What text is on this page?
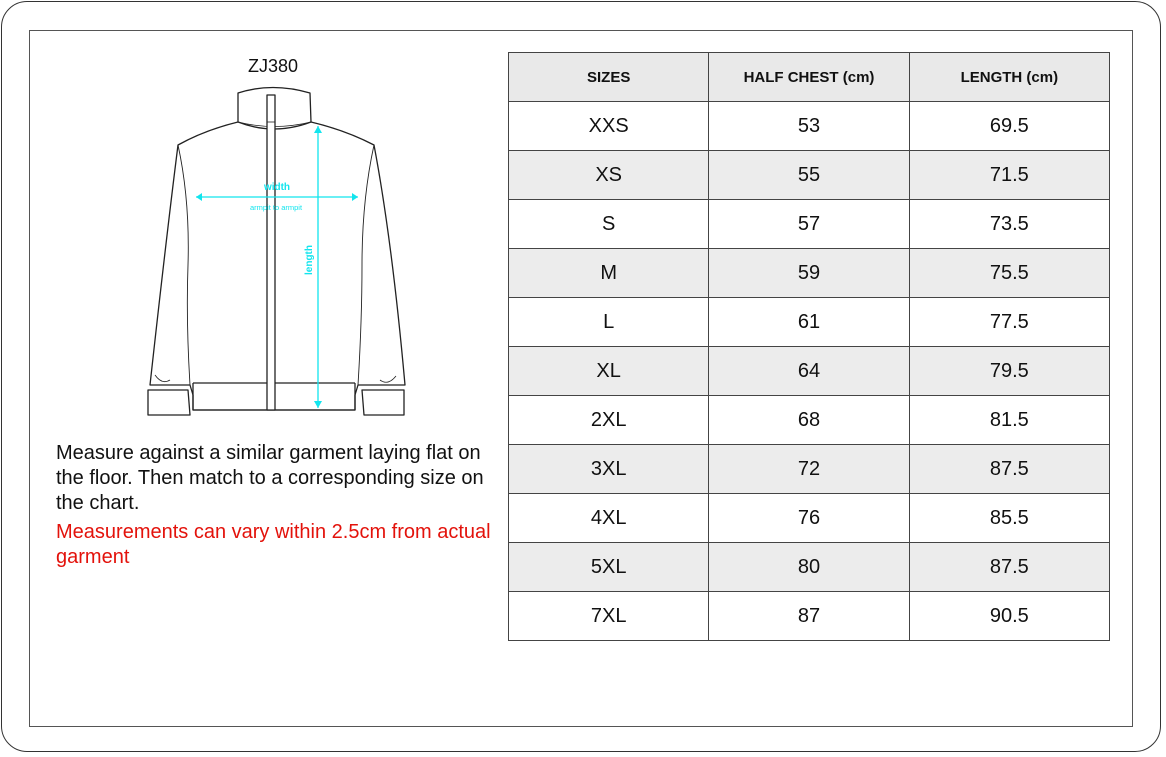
ZJ380
width
armpit to armpit
length
Measure against a similar garment laying flat on the floor. Then match to a corresponding size on the chart.
Measurements can vary within 2.5cm from actual garment
SIZES	HALF CHEST (cm)	LENGTH (cm)
XXS	53	69.5
XS	55	71.5
S	57	73.5
M	59	75.5
L	61	77.5
XL	64	79.5
2XL	68	81.5
3XL	72	87.5
4XL	76	85.5
5XL	80	87.5
7XL	87	90.5
